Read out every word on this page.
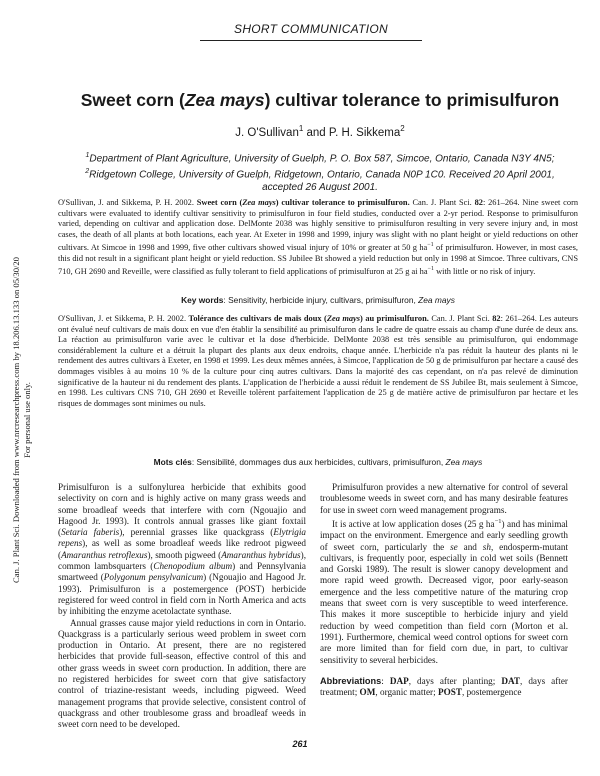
Can. J. Plant Sci. Downloaded from www.nrcresearchpress.com by 18.206.13.133 on 05/30/20 For personal use only.
SHORT COMMUNICATION
Sweet corn (Zea mays) cultivar tolerance to primisulfuron
J. O'Sullivan$^1$ and P. H. Sikkema$^2$
$^1$Department of Plant Agriculture, University of Guelph, P. O. Box 587, Simcoe, Ontario, Canada N3Y 4N5;
$^2$Ridgetown College, University of Guelph, Ridgetown, Ontario, Canada N0P 1C0. Received 20 April 2001,
accepted 26 August 2001.
O'Sullivan, J. and Sikkema, P. H. 2002. Sweet corn (Zea mays) cultivar tolerance to primisulfuron. Can. J. Plant Sci. 82: 261–264. Nine sweet corn cultivars were evaluated to identify cultivar sensitivity to primisulfuron in four field studies, conducted over a 2-yr period. Response to primisulfuron varied, depending on cultivar and application dose. DelMonte 2038 was highly sensitive to primisulfuron resulting in very severe injury and, in most cases, the death of all plants at both locations, each year. At Exeter in 1998 and 1999, injury was slight with no plant height or yield reductions on other cultivars. At Simcoe in 1998 and 1999, five other cultivars showed visual injury of 10% or greater at 50 g $ha^{-1}$ of primisulfuron. However, in most cases, this did not result in a significant plant height or yield reduction. SS Jubilee Bt showed a yield reduction but only in 1998 at Simcoe. Three cultivars, CNS 710, GH 2690 and Reveille, were classified as fully tolerant to field applications of primisulfuron at 25 g ai $ha^{-1}$ with little or no risk of injury.
Key words: Sensitivity, herbicide injury, cultivars, primisulfuron, Zea mays
O'Sullivan, J. et Sikkema, P. H. 2002. Tolérance des cultivars de maïs doux (Zea mays) au primisulfuron. Can. J. Plant Sci. 82: 261–264. Les auteurs ont évalué neuf cultivars de maïs doux en vue d'en établir la sensibilité au primisulfuron dans le cadre de quatre essais au champ d'une durée de deux ans. La réaction au primisulfuron varie avec le cultivar et la dose d'herbicide. DelMonte 2038 est très sensible au primisulfuron, qui endommage considérablement la culture et a détruit la plupart des plants aux deux endroits, chaque année. L'herbicide n'a pas réduit la hauteur des plants ni le rendement des autres cultivars à Exeter, en 1998 et 1999. Les deux mêmes années, à Simcoe, l'application de 50 g de primisulfuron par hectare a causé des dommages visibles à au moins 10 % de la culture pour cinq autres cultivars. Dans la majorité des cas cependant, on n'a pas relevé de diminution significative de la hauteur ni du rendement des plants. L'application de l'herbicide a aussi réduit le rendement de SS Jubilee Bt, mais seulement à Simcoe, en 1998. Les cultivars CNS 710, GH 2690 et Reveille tolèrent parfaitement l'application de 25 g de matière active de primisulfuron par hectare et les risques de dommages sont minimes ou nuls.
Mots clés: Sensibilité, dommages dus aux herbicides, cultivars, primisulfuron, Zea mays

Primisulfuron is a sulfonylurea herbicide that exhibits good selectivity on corn and is highly active on many grass weeds and some broadleaf weeds that interfere with corn (Ngouajio and Hagood Jr. 1993). It controls annual grasses like giant foxtail (Setaria faberis), perennial grasses like quackgrass (Elytrigia repens), as well as some broadleaf weeds like redroot pigweed (Amaranthus retroflexus), smooth pigweed (Amaranthus hybridus), common lambsquarters (Chenopodium album) and Pennsylvania smartweed (Polygonum pensylvanicum) (Ngouajio and Hagood Jr. 1993). Primisulfuron is a postemergence (POST) herbicide registered for weed control in field corn in North America and acts by inhibiting the enzyme acetolactate synthase.

Annual grasses cause major yield reductions in corn in Ontario. Quackgrass is a particularly serious weed problem in sweet corn production in Ontario. At present, there are no registered herbicides that provide full-season, effective control of this and other grass weeds in sweet corn production. In addition, there are no registered herbicides for sweet corn that give satisfactory control of triazine-resistant weeds, including pigweed. Weed management programs that provide selective, consistent control of quackgrass and other troublesome grass and broadleaf weeds in sweet corn need to be developed.

Primisulfuron provides a new alternative for control of several troublesome weeds in sweet corn, and has many desirable features for use in sweet corn weed management programs.

It is active at low application doses (25 g $ha^{-1}$) and has minimal impact on the environment. Emergence and early seedling growth of sweet corn, particularly the se and sh, endosperm-mutant cultivars, is frequently poor, especially in cold wet soils (Bennett and Gorski 1989). The result is slower canopy development and more rapid weed growth. Decreased vigor, poor early-season emergence and the less competitive nature of the maturing crop means that sweet corn is very susceptible to weed interference. This makes it more susceptible to herbicide injury and yield reduction by weed competition than field corn (Morton et al. 1991). Furthermore, chemical weed control options for sweet corn are more limited than for field corn due, in part, to cultivar sensitivity to several herbicides.

Abbreviations: DAP, days after planting; DAT, days after treatment; OM, organic matter; POST, postemergence
261
